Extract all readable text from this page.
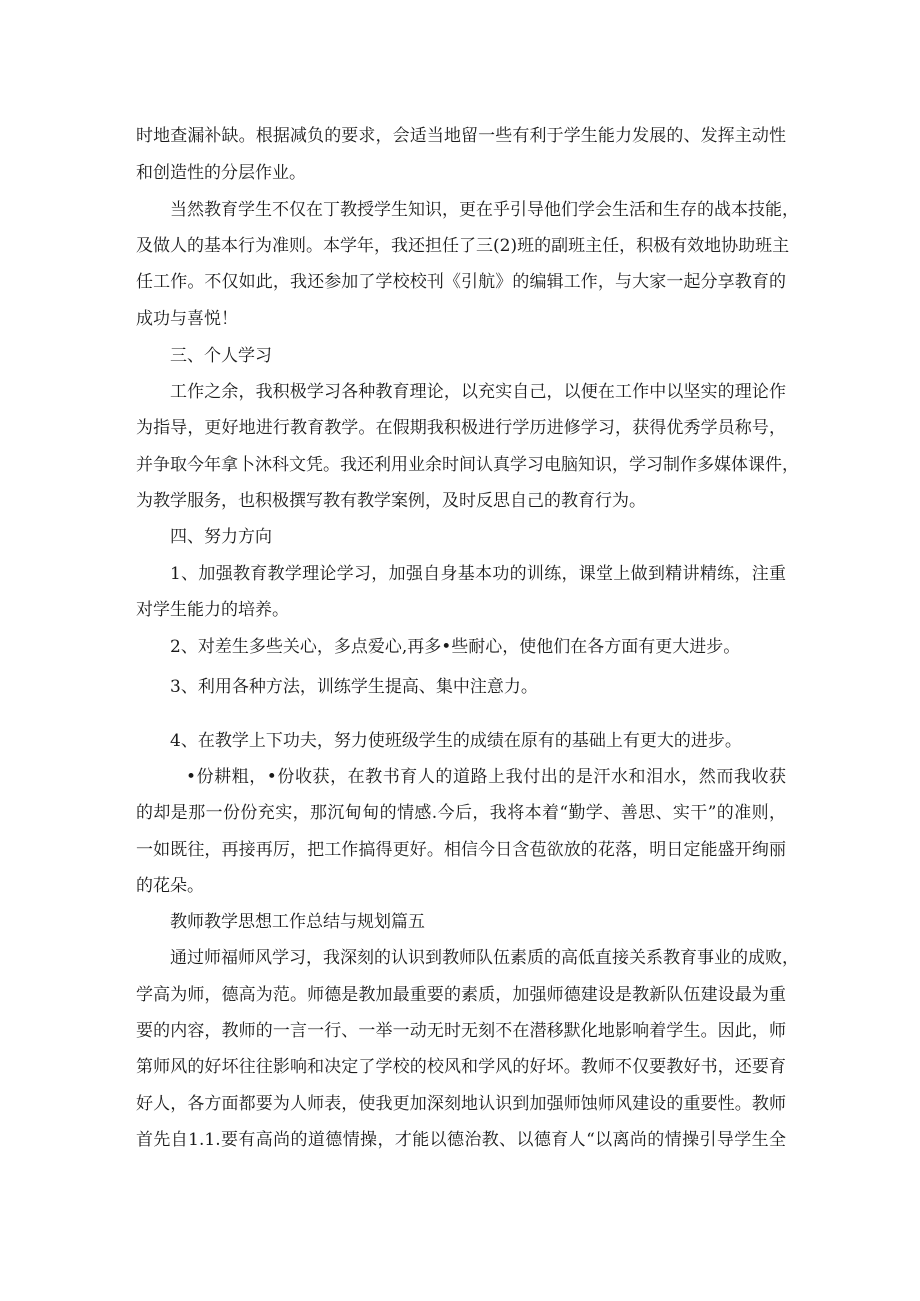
时地查漏补缺。根据减负的要求，会适当地留一些有利于学生能力发展的、发挥主动性
和创造性的分层作业。
当然教育学生不仅在丁教授学生知识，更在乎引导他们学会生活和生存的战本技能，
及做人的基本行为准则。本学年，我还担任了三(2)班的副班主任，积极有效地协助班主
任工作。不仅如此，我还参加了学校校刊《引航》的编辑工作，与大家一起分享教育的
成功与喜悦！
三、个人学习
工作之余，我积极学习各种教育理论，以充实自己，以便在工作中以坚实的理论作
为指导，更好地进行教育教学。在假期我积极进行学历进修学习，获得优秀学员称号，
并争取今年拿卜沐科文凭。我还利用业余时间认真学习电脑知识，学习制作多媒体课件，
为教学服务，也积极撰写教有教学案例，及时反思自己的教育行为。
四、努力方向
1、加强教育教学理论学习，加强自身基本功的训练，课堂上做到精讲精练，注重
对学生能力的培养。
2、对差生多些关心，多点爱心,再多•些耐心，使他们在各方面有更大进步。
3、利用各种方法，训练学生提高、集中注意力。
4、在教学上下功夫，努力使班级学生的成绩在原有的基础上有更大的进步。
•份耕粗，•份收获，在教书育人的道路上我付出的是汗水和泪水，然而我收获
的却是那一份份充实，那沉甸甸的情感.今后，我将本着“勤学、善思、实干”的准则，
一如既往，再接再厉，把工作搞得更好。相信今日含苞欲放的花落，明日定能盛开绚丽
的花朵。
教师教学思想工作总结与规划篇五
通过师福师风学习，我深刻的认识到教师队伍素质的高低直接关系教育事业的成败，
学高为师，德高为范。师德是教加最重要的素质，加强师德建设是教新队伍建设最为重
要的内容，教师的一言一行、一举一动无时无刻不在潜移默化地影响着学生。因此，师
第师风的好坏往往影响和决定了学校的校风和学风的好坏。教师不仅要教好书，还要育
好人，各方面都要为人师表，使我更加深刻地认识到加强师蚀师风建设的重要性。教师
首先自1.1.要有高尚的道德情操，才能以德治教、以德育人“以离尚的情操引导学生全
